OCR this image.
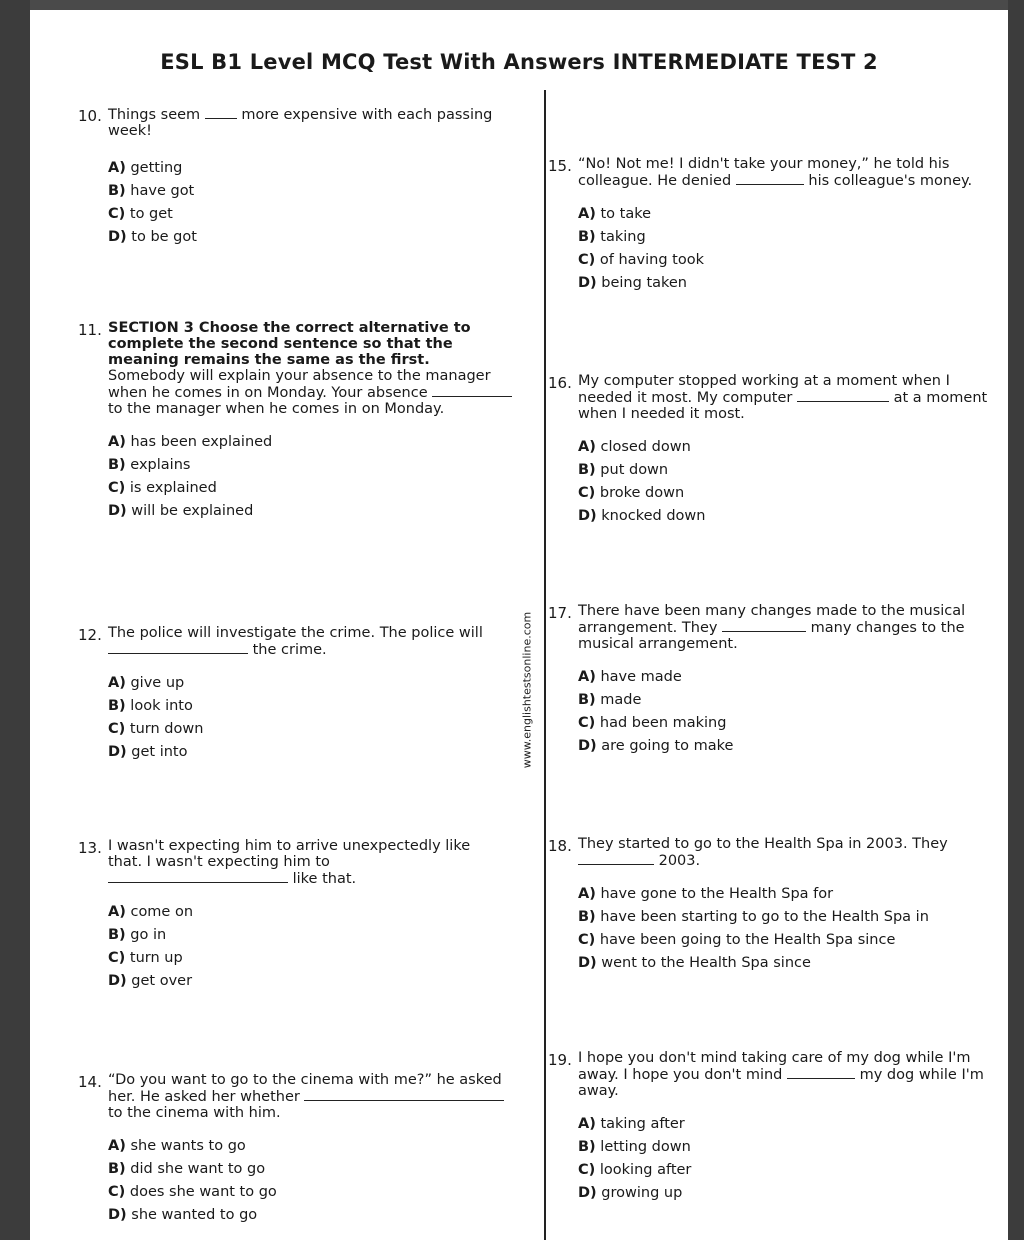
ESL B1 Level MCQ Test With Answers INTERMEDIATE TEST 2
www.englishtestsonline.com
10. Things seem  more expensive with each passing week!
A) getting
B) have got
C) to get
D) to be got
11. SECTION 3 Choose the correct alternative to complete the second sentence so that the meaning remains the same as the first.
Somebody will explain your absence to the manager when he comes in on Monday. Your absence  to the manager when he comes in on Monday.
A) has been explained
B) explains
C) is explained
D) will be explained
12. The police will investigate the crime. The police will  the crime.
A) give up
B) look into
C) turn down
D) get into
13. I wasn't expecting him to arrive unexpectedly like that. I wasn't expecting him to  like that.
A) come on
B) go in
C) turn up
D) get over
14. “Do you want to go to the cinema with me?” he asked her. He asked her whether  to the cinema with him.
A) she wants to go
B) did she want to go
C) does she want to go
D) she wanted to go
15. “No! Not me! I didn't take your money,” he told his colleague. He denied	his colleague's money.
A) to take
B) taking
C) of having took
D) being taken
16. My computer stopped working at a moment when I needed it most. My computer	at a moment when I needed it most.
A) closed down
B) put down
C) broke down
D) knocked down
17. There have been many changes made to the musical arrangement. They	many changes to the musical arrangement.
A) have made
B) made
C) had been making
D) are going to make
18. They started to go to the Health Spa in 2003. They  2003.
A) have gone to the Health Spa for
B) have been starting to go to the Health Spa in
C) have been going to the Health Spa since
D) went to the Health Spa since
19. I hope you don't mind taking care of my dog while I'm away. I hope you don't mind	my dog while I'm away.
A) taking after
B) letting down
C) looking after
D) growing up
